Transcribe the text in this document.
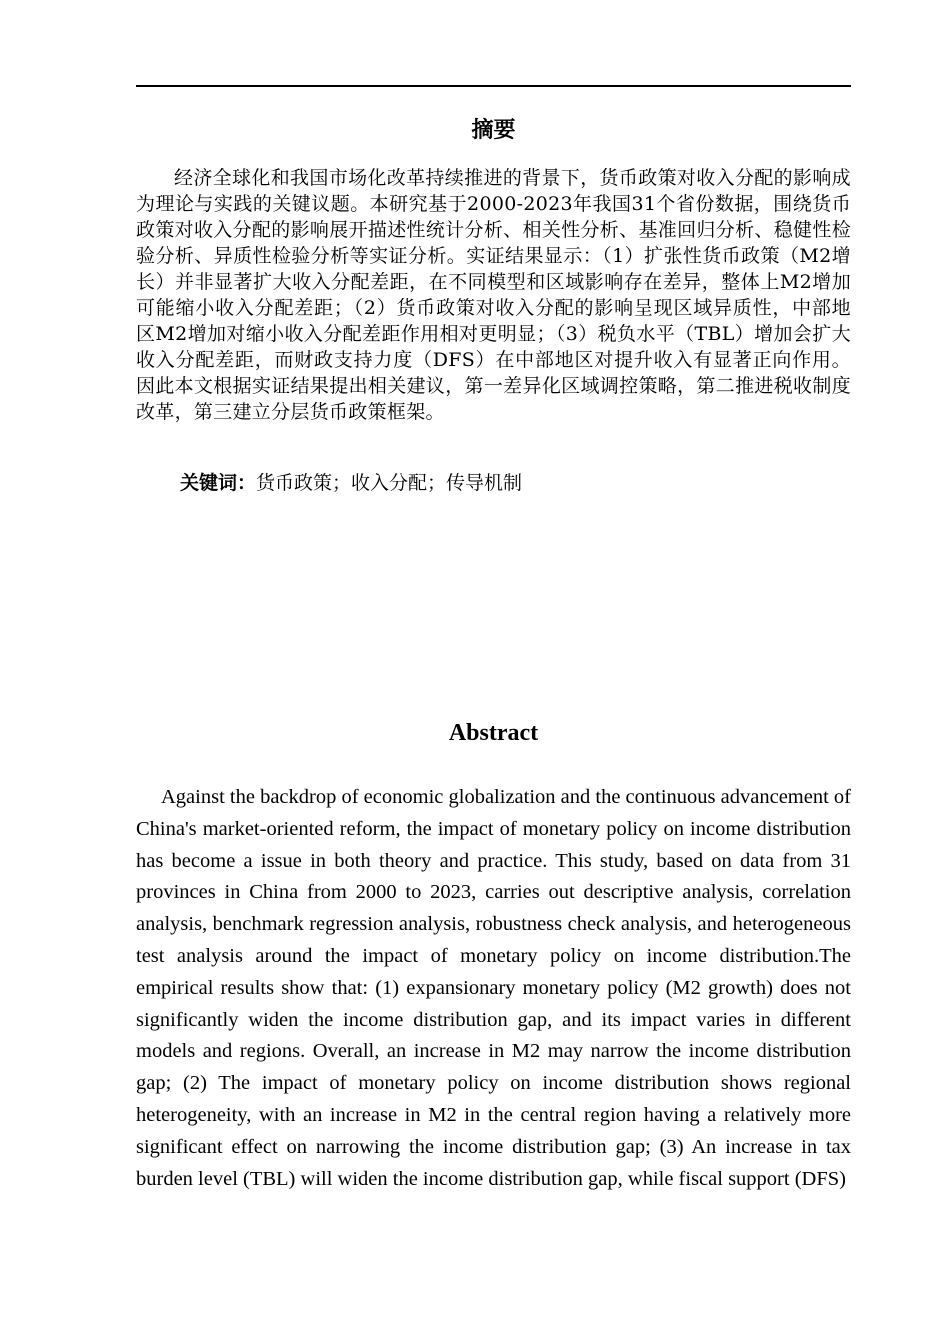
摘要
经济全球化和我国市场化改革持续推进的背景下，货币政策对收入分配的影响成为理论与实践的关键议题。本研究基于2000-2023年我国31个省份数据，围绕货币政策对收入分配的影响展开描述性统计分析、相关性分析、基准回归分析、稳健性检验分析、异质性检验分析等实证分析。实证结果显示：（1）扩张性货币政策（M2增长）并非显著扩大收入分配差距，在不同模型和区域影响存在差异，整体上M2增加可能缩小收入分配差距；（2）货币政策对收入分配的影响呈现区域异质性，中部地区M2增加对缩小收入分配差距作用相对更明显；（3）税负水平（TBL）增加会扩大收入分配差距，而财政支持力度（DFS）在中部地区对提升收入有显著正向作用。因此本文根据实证结果提出相关建议，第一差异化区域调控策略，第二推进税收制度改革，第三建立分层货币政策框架。
关键词：货币政策；收入分配；传导机制
Abstract
Against the backdrop of economic globalization and the continuous advancement of China's market-oriented reform, the impact of monetary policy on income distribution has become a issue in both theory and practice. This study, based on data from 31 provinces in China from 2000 to 2023, carries out descriptive analysis, correlation analysis, benchmark regression analysis, robustness check analysis, and heterogeneous test analysis around the impact of monetary policy on income distribution.The empirical results show that: (1) expansionary monetary policy (M2 growth) does not significantly widen the income distribution gap, and its impact varies in different models and regions. Overall, an increase in M2 may narrow the income distribution gap; (2) The impact of monetary policy on income distribution shows regional heterogeneity, with an increase in M2 in the central region having a relatively more significant effect on narrowing the income distribution gap; (3) An increase in tax burden level (TBL) will widen the income distribution gap, while fiscal support (DFS)
